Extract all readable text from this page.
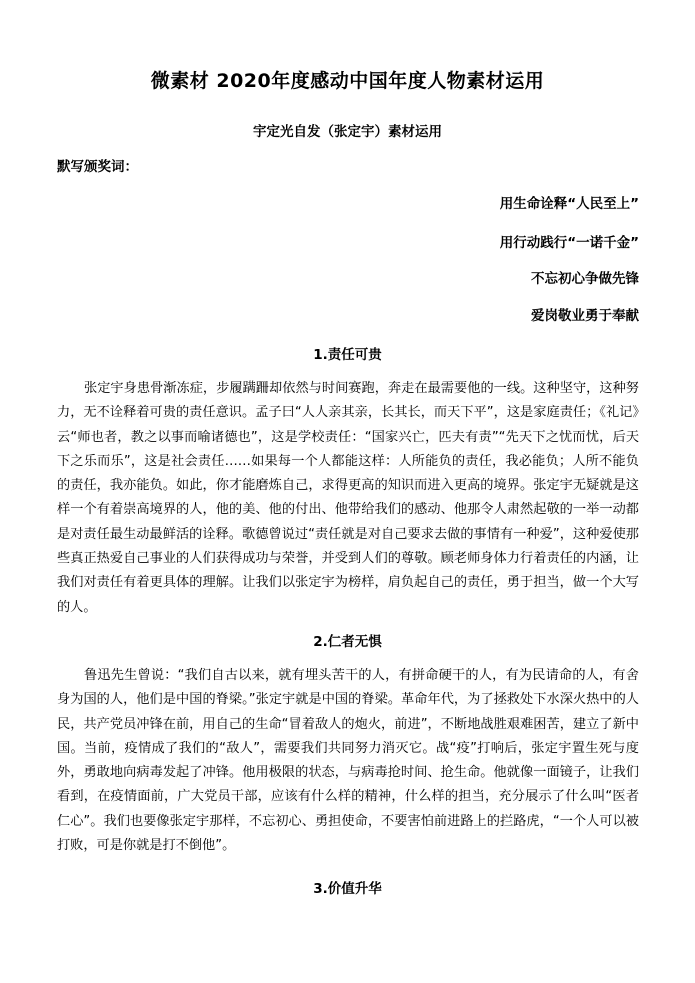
微素材 2020年度感动中国年度人物素材运用
宇定光自发（张定宇）素材运用
默写颁奖词：
用生命诠释“人民至上”
用行动践行“一诺千金”
不忘初心争做先锋
爱岗敬业勇于奉献
1.责任可贵

张定宇身患骨渐冻症，步履蹒跚却依然与时间赛跑，奔走在最需要他的一线。这种坚守，这种努力，无不诠释着可贵的责任意识。孟子曰“人人亲其亲，长其长，而天下平”，这是家庭责任；《礼记》云“师也者，教之以事而喻诸德也”，这是学校责任：“国家兴亡，匹夫有责”“先天下之忧而忧，后天下之乐而乐”，这是社会责任……如果每一个人都能这样：人所能负的责任，我必能负；人所不能负的责任，我亦能负。如此，你才能磨炼自己，求得更高的知识而进入更高的境界。张定宇无疑就是这样一个有着崇高境界的人，他的美、他的付出、他带给我们的感动、他那令人肃然起敬的一举一动都是对责任最生动最鲜活的诠释。歌德曾说过“责任就是对自己要求去做的事情有一种爱”，这种爱使那些真正热爱自己事业的人们获得成功与荣誉，并受到人们的尊敬。顾老师身体力行着责任的内涵，让我们对责任有着更具体的理解。让我们以张定宇为榜样，肩负起自己的责任，勇于担当，做一个大写的人。

2.仁者无惧

鲁迅先生曾说：“我们自古以来，就有埋头苦干的人，有拼命硬干的人，有为民请命的人，有舍身为国的人，他们是中国的脊梁。”张定宇就是中国的脊梁。革命年代，为了拯救处下水深火热中的人民，共产党员冲锋在前，用自己的生命“冒着敌人的炮火，前进”，不断地战胜艰难困苦，建立了新中国。当前，疫情成了我们的“敌人”，需要我们共同努力消灭它。战“疫”打响后，张定宇置生死与度外，勇敢地向病毒发起了冲锋。他用极限的状态，与病毒抢时间、抢生命。他就像一面镜子，让我们看到，在疫情面前，广大党员干部，应该有什么样的精神，什么样的担当，充分展示了什么叫“医者仁心”。我们也要像张定宇那样，不忘初心、勇担使命，不要害怕前进路上的拦路虎，“一个人可以被打败，可是你就是打不倒他”。

3.价值升华
